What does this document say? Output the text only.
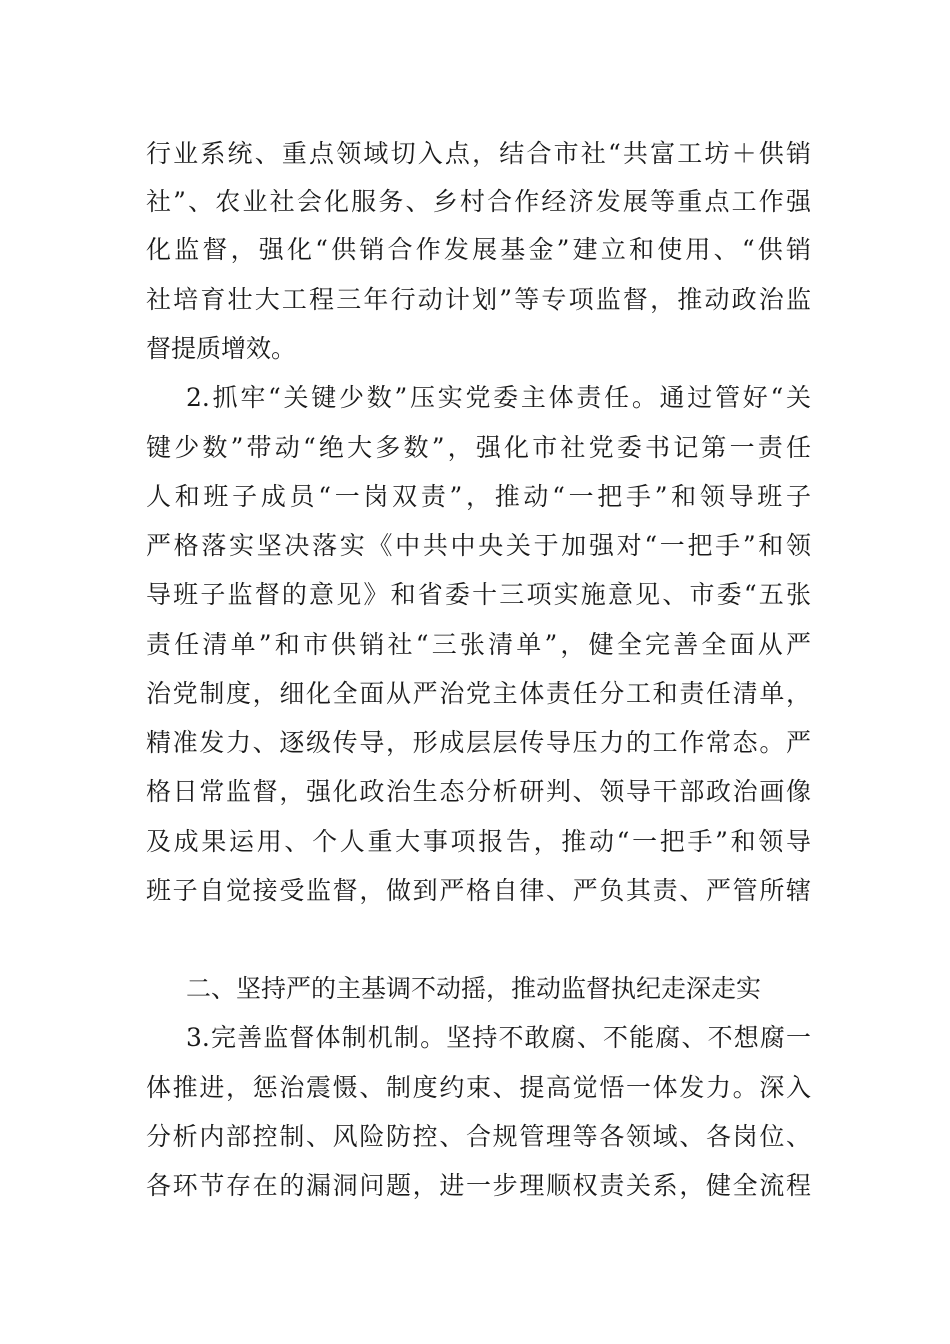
行业系统、重点领域切入点，结合市社“共富工坊＋供销
社”、农业社会化服务、乡村合作经济发展等重点工作强
化监督，强化“供销合作发展基金”建立和使用、“供销
社培育壮大工程三年行动计划”等专项监督，推动政治监
督提质增效。
2.抓牢“关键少数”压实党委主体责任。通过管好“关
键少数”带动“绝大多数”，强化市社党委书记第一责任
人和班子成员“一岗双责”，推动“一把手”和领导班子
严格落实坚决落实《中共中央关于加强对“一把手”和领
导班子监督的意见》和省委十三项实施意见、市委“五张
责任清单”和市供销社“三张清单”，健全完善全面从严
治党制度，细化全面从严治党主体责任分工和责任清单，
精准发力、逐级传导，形成层层传导压力的工作常态。严
格日常监督，强化政治生态分析研判、领导干部政治画像
及成果运用、个人重大事项报告，推动“一把手”和领导
班子自觉接受监督，做到严格自律、严负其责、严管所辖
二、坚持严的主基调不动摇，推动监督执纪走深走实
3.完善监督体制机制。坚持不敢腐、不能腐、不想腐一
体推进，惩治震慑、制度约束、提高觉悟一体发力。深入
分析内部控制、风险防控、合规管理等各领域、各岗位、
各环节存在的漏洞问题，进一步理顺权责关系，健全流程
